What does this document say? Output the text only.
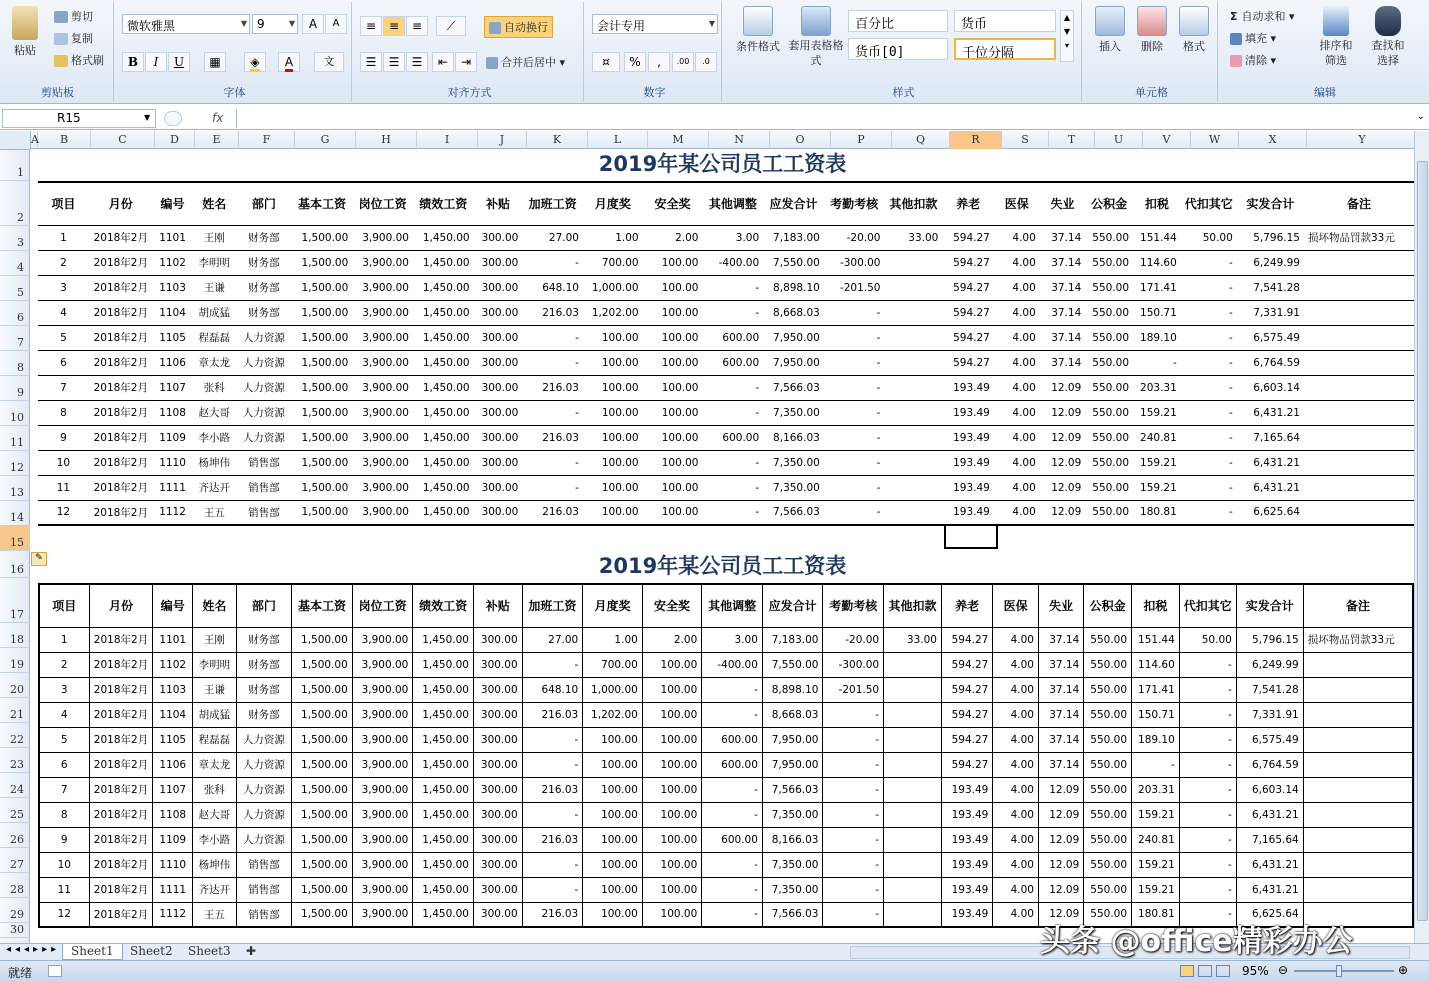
粘贴
剪切
复制
格式刷
剪贴板
微软雅黑	▼ 9	▼	A	A
B	I	U	▦	◈	A	文
字体
≡	≡	≡	⟋	自动换行
☰	☰	☰	⇤	⇥	合并后居中 ▾
对齐方式
会计专用	▼
¤	%	,	.00	.0
数字
条件格式 套用表格格式
百分比	货币
货币[0]	千位分隔
▲
▼
▾
样式
插入	删除	格式
单元格
Σ 自动求和 ▾
填充 ▾
清除 ▾
排序和筛选
查找和选择
编辑
R15	▼	fx	⌄
A	B	C	D	E	F	G	H	I	J	K	L	M	N	O	P	Q	R	S	T	U	V	W	X	Y
1
2
3
4
5
6
7
8
9
10
11
12
13
14
15
16
17
18
19
20
21
22
23
24
25
26
27
28
29
30
2019年某公司员工工资表
项目	月份	编号	姓名	部门	基本工资	岗位工资	绩效工资	补贴	加班工资	月度奖	安全奖	其他调整	应发合计	考勤考核	其他扣款	养老	医保	失业	公积金	扣税	代扣其它	实发合计	备注
1	2018年2月	1101	王刚	财务部	1,500.00	3,900.00	1,450.00	300.00	27.00	1.00	2.00	3.00	7,183.00	-20.00	33.00	594.27	4.00	37.14	550.00	151.44	50.00	5,796.15	损坏物品罚款33元
2	2018年2月	1102	李明明	财务部	1,500.00	3,900.00	1,450.00	300.00	-	700.00	100.00	-400.00	7,550.00	-300.00		594.27	4.00	37.14	550.00	114.60	-	6,249.99	
3	2018年2月	1103	王谦	财务部	1,500.00	3,900.00	1,450.00	300.00	648.10	1,000.00	100.00	-	8,898.10	-201.50		594.27	4.00	37.14	550.00	171.41	-	7,541.28	
4	2018年2月	1104	胡成猛	财务部	1,500.00	3,900.00	1,450.00	300.00	216.03	1,202.00	100.00	-	8,668.03	-		594.27	4.00	37.14	550.00	150.71	-	7,331.91	
5	2018年2月	1105	程磊磊	人力资源	1,500.00	3,900.00	1,450.00	300.00	-	100.00	100.00	600.00	7,950.00	-		594.27	4.00	37.14	550.00	189.10	-	6,575.49	
6	2018年2月	1106	章太龙	人力资源	1,500.00	3,900.00	1,450.00	300.00	-	100.00	100.00	600.00	7,950.00	-		594.27	4.00	37.14	550.00	-	-	6,764.59	
7	2018年2月	1107	张科	人力资源	1,500.00	3,900.00	1,450.00	300.00	216.03	100.00	100.00	-	7,566.03	-		193.49	4.00	12.09	550.00	203.31	-	6,603.14	
8	2018年2月	1108	赵大哥	人力资源	1,500.00	3,900.00	1,450.00	300.00	-	100.00	100.00	-	7,350.00	-		193.49	4.00	12.09	550.00	159.21	-	6,431.21	
9	2018年2月	1109	李小路	人力资源	1,500.00	3,900.00	1,450.00	300.00	216.03	100.00	100.00	600.00	8,166.03	-		193.49	4.00	12.09	550.00	240.81	-	7,165.64	
10	2018年2月	1110	杨坤伟	销售部	1,500.00	3,900.00	1,450.00	300.00	-	100.00	100.00	-	7,350.00	-		193.49	4.00	12.09	550.00	159.21	-	6,431.21	
11	2018年2月	1111	齐达开	销售部	1,500.00	3,900.00	1,450.00	300.00	-	100.00	100.00	-	7,350.00	-		193.49	4.00	12.09	550.00	159.21	-	6,431.21	
12	2018年2月	1112	王五	销售部	1,500.00	3,900.00	1,450.00	300.00	216.03	100.00	100.00	-	7,566.03	-		193.49	4.00	12.09	550.00	180.81	-	6,625.64	
✎	2019年某公司员工工资表
项目	月份	编号	姓名	部门	基本工资	岗位工资	绩效工资	补贴	加班工资	月度奖	安全奖	其他调整	应发合计	考勤考核	其他扣款	养老	医保	失业	公积金	扣税	代扣其它	实发合计	备注
1	2018年2月	1101	王刚	财务部	1,500.00	3,900.00	1,450.00	300.00	27.00	1.00	2.00	3.00	7,183.00	-20.00	33.00	594.27	4.00	37.14	550.00	151.44	50.00	5,796.15	损坏物品罚款33元
2	2018年2月	1102	李明明	财务部	1,500.00	3,900.00	1,450.00	300.00	-	700.00	100.00	-400.00	7,550.00	-300.00		594.27	4.00	37.14	550.00	114.60	-	6,249.99	
3	2018年2月	1103	王谦	财务部	1,500.00	3,900.00	1,450.00	300.00	648.10	1,000.00	100.00	-	8,898.10	-201.50		594.27	4.00	37.14	550.00	171.41	-	7,541.28	
4	2018年2月	1104	胡成猛	财务部	1,500.00	3,900.00	1,450.00	300.00	216.03	1,202.00	100.00	-	8,668.03	-		594.27	4.00	37.14	550.00	150.71	-	7,331.91	
5	2018年2月	1105	程磊磊	人力资源	1,500.00	3,900.00	1,450.00	300.00	-	100.00	100.00	600.00	7,950.00	-		594.27	4.00	37.14	550.00	189.10	-	6,575.49	
6	2018年2月	1106	章太龙	人力资源	1,500.00	3,900.00	1,450.00	300.00	-	100.00	100.00	600.00	7,950.00	-		594.27	4.00	37.14	550.00	-	-	6,764.59	
7	2018年2月	1107	张科	人力资源	1,500.00	3,900.00	1,450.00	300.00	216.03	100.00	100.00	-	7,566.03	-		193.49	4.00	12.09	550.00	203.31	-	6,603.14	
8	2018年2月	1108	赵大哥	人力资源	1,500.00	3,900.00	1,450.00	300.00	-	100.00	100.00	-	7,350.00	-		193.49	4.00	12.09	550.00	159.21	-	6,431.21	
9	2018年2月	1109	李小路	人力资源	1,500.00	3,900.00	1,450.00	300.00	216.03	100.00	100.00	600.00	8,166.03	-		193.49	4.00	12.09	550.00	240.81	-	7,165.64	
10	2018年2月	1110	杨坤伟	销售部	1,500.00	3,900.00	1,450.00	300.00	-	100.00	100.00	-	7,350.00	-		193.49	4.00	12.09	550.00	159.21	-	6,431.21	
11	2018年2月	1111	齐达开	销售部	1,500.00	3,900.00	1,450.00	300.00	-	100.00	100.00	-	7,350.00	-		193.49	4.00	12.09	550.00	159.21	-	6,431.21	
12	2018年2月	1112	王五	销售部	1,500.00	3,900.00	1,450.00	300.00	216.03	100.00	100.00	-	7,566.03	-		193.49	4.00	12.09	550.00	180.81	-	6,625.64	
◂◂◂▸▸▸ Sheet1	Sheet2	Sheet3	✚
就绪	95% ⊖	⊕
头条 @office精彩办公
